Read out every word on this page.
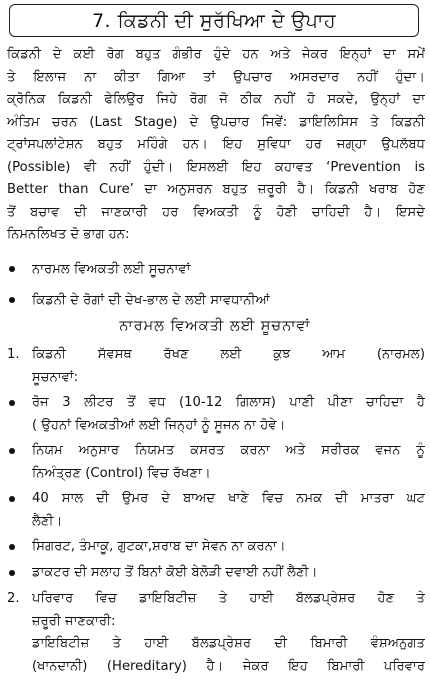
7. ਕਿਡਨੀ ਦੀ ਸੁਰੱਖਿਆ ਦੇ ਉਪਾਹ
ਕਿਡਨੀ ਦੇ ਕਈ ਰੋਗ ਬਹੁਤ ਗੰਭੀਰ ਹੁੰਦੇ ਹਨ ਅਤੇ ਜੇਕਰ ਇਨ੍ਹਾਂ ਦਾ ਸਮੇਂ
ਤੇ ਇਲਾਜ ਨਾ ਕੀਤਾ ਗਿਆ ਤਾਂ ਉਪਚਾਰ ਅਸਰਦਾਰ ਨਹੀਂ ਹੁੰਦਾ।
ਕ੍ਰੋਨਿਕ ਕਿਡਨੀ ਫੇਲਿਉਰ ਜਿਹੇ ਰੋਗ ਜੋ ਠੀਕ ਨਹੀਂ ਹੋ ਸਕਦੇ, ਉਨ੍ਹਾਂ ਦਾ
ਅੰਤਿਮ ਚਰਨ (Last Stage) ਦੇ ਉਪਚਾਰ ਜਿਵੇਂ: ਡਾਇਲਿਸਿਸ ਤੇ ਕਿਡਨੀ
ਟ੍ਰਾਂਸਪਲਾਂਟੇਸ਼ਨ ਬਹੁਤ ਮਹਿੰਗੇ ਹਨ। ਇਹ ਸੁਵਿਧਾ ਹਰ ਜਗ੍ਹਾ ਉਪਲੱਬਧ
(Possible) ਵੀ ਨਹੀਂ ਹੁੰਦੀ। ਇਸਲਈ ਇਹ ਕਹਾਵਤ ‘Prevention is
Better than Cure’ ਦਾ ਅਨੁਸਰਨ ਬਹੁਤ ਜ਼ਰੂਰੀ ਹੈ। ਕਿਡਨੀ ਖਰਾਬ ਹੋਣ
ਤੋਂ ਬਚਾਵ ਦੀ ਜਾਣਕਾਰੀ ਹਰ ਵਿਅਕਤੀ ਨੂੰ ਹੋਣੀ ਚਾਹਿਦੀ ਹੈ। ਇਸਦੇ
ਨਿਮਨਲਿਖਤ ਦੋ ਭਾਗ ਹਨ:
ਨਾਰਮਲ ਵਿਅਕਤੀ ਲਈ ਸੂਚਨਾਵਾਂ
ਕਿਡਨੀ ਦੇ ਰੋਗਾਂ ਦੀ ਦੇਖ-ਭਾਲ ਦੇ ਲਈ ਸਾਵਧਾਨੀਆਂ
ਨਾਰਮਲ ਵਿਅਕਤੀ ਲਈ ਸੂਚਨਾਵਾਂ
1. ਕਿਡਨੀ ਸੱਵਸਥ ਰੱਖਣ ਲਈ ਕੁਝ ਆਮ (ਨਾਰਮਲ)
ਸੂਚਨਾਵਾਂ:
ਰੋਜ 3 ਲੀਟਰ ਤੋਂ ਵਧ (10-12 ਗਿਲਾਸ) ਪਾਣੀ ਪੀਣਾ ਚਾਹਿਦਾ ਹੈ
( ਉਹਨਾਂ ਵਿਅਕਤੀਆਂ ਲਈ ਜਿਨ੍ਹਾਂ ਨੂੰ ਸੂਜਨ ਨਾ ਹੋਵੇ।
ਨਿਯਮ ਅਨੁਸਾਰ ਨਿਯਮਤ ਕਸਰਤ ਕਰਨਾ ਅਤੇ ਸਰੀਰਕ ਵਜਨ ਨੂੰ
ਨਿਅੰਤ੍ਰਣ (Control) ਵਿਚ ਰੱਖਣਾ।
40 ਸਾਲ ਦੀ ਉਮਰ ਦੇ ਬਾਅਦ ਖਾਣੇ ਵਿਚ ਨਮਕ ਦੀ ਮਾਤਰਾ ਘਟ
ਲੈਣੀ।
ਸਿਗਰਟ, ਤੰਮਾਕੂ, ਗੁਟਕਾ,ਸ਼ਰਾਬ ਦਾ ਸੇਵਨ ਨਾ ਕਰਨਾ।
ਡਾਕਟਰ ਦੀ ਸਲਾਹ ਤੋਂ ਬਿਨਾਂ ਕੋਈ ਬੇਲੋੜੀ ਦਵਾਈ ਨਹੀਂ ਲੈਣੀ।
2. ਪਰਿਵਾਰ ਵਿਚ ਡਾਇਬਿਟੀਜ਼ ਤੇ ਹਾਈ ਬੱਲਡਪ੍ਰੇਸ਼ਰ ਹੋਣ ਤੇ
ਜ਼ਰੂਰੀ ਜਾਣਕਾਰੀ:
ਡਾਇਬਿਟੀਜ਼ ਤੇ ਹਾਈ ਬੱਲਡਪ੍ਰੇਸ਼ਰ ਦੀ ਬਿਮਾਰੀ ਵੰਸ਼ਅਨੁਗਤ
(ਖਾਨਦਾਨੀ) (Hereditary) ਹੈ। ਜੇਕਰ ਇਹ ਬਿਮਾਰੀ ਪਰਿਵਾਰ
